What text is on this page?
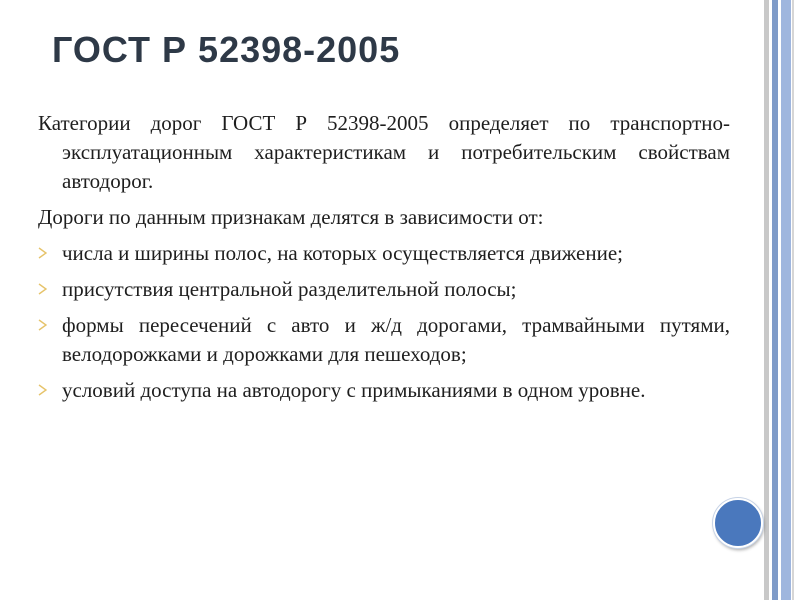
ГОСТ Р 52398-2005

Категории дорог ГОСТ Р 52398-2005 определяет по транспортно-эксплуатационным характеристикам и потребительским свойствам автодорог.

Дороги по данным признакам делятся в зависимости от:

числа и ширины полос, на которых осуществляется движение;
присутствия центральной разделительной полосы;
формы пересечений с авто и ж/д дорогами, трамвайными путями, велодорожками и дорожками для пешеходов;
условий доступа на автодорогу с примыканиями в одном уровне.
